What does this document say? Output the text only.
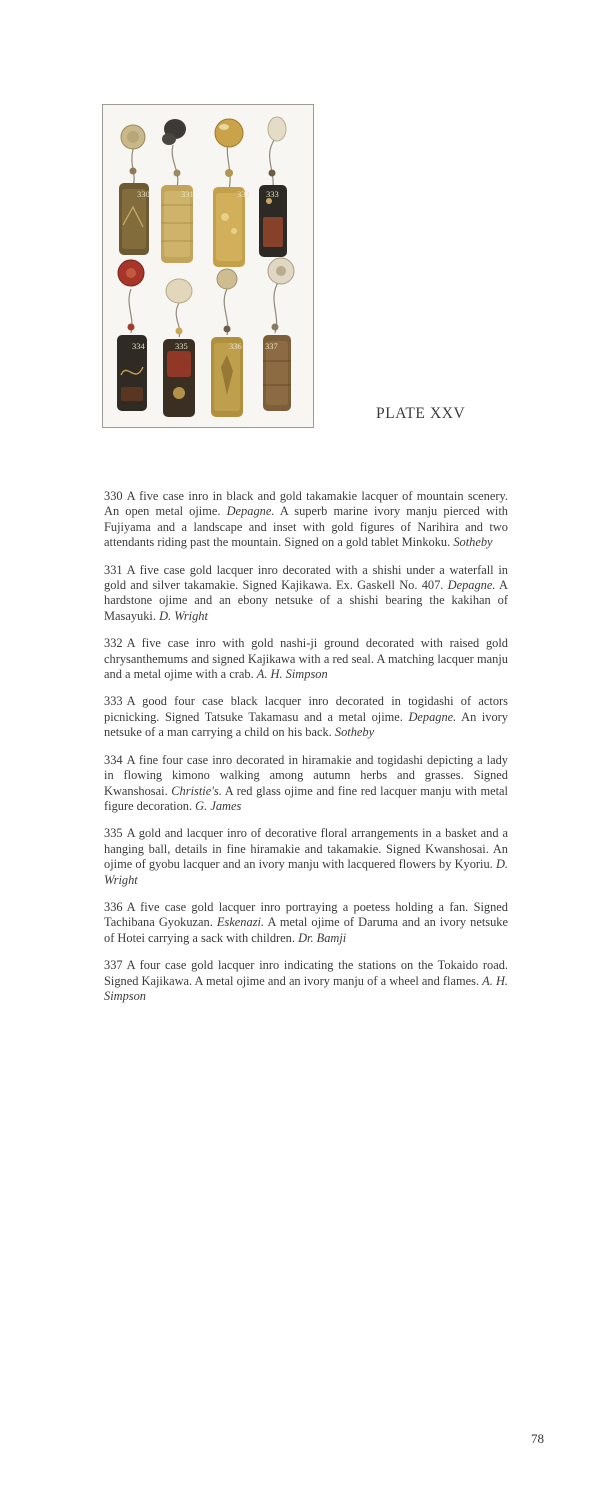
330	331	332 333
334	335	336	337
PLATE XXV

330 A five case inro in black and gold takamakie lacquer of mountain scenery. An open metal ojime. Depagne. A superb marine ivory manju pierced with Fujiyama and a landscape and inset with gold figures of Narihira and two attendants riding past the mountain. Signed on a gold tablet Minkoku. Sotheby

331 A five case gold lacquer inro decorated with a shishi under a waterfall in gold and silver takamakie. Signed Kajikawa. Ex. Gaskell No. 407. Depagne. A hardstone ojime and an ebony netsuke of a shishi bearing the kakihan of Masayuki. D. Wright

332 A five case inro with gold nashi-ji ground decorated with raised gold chrysanthemums and signed Kajikawa with a red seal. A matching lacquer manju and a metal ojime with a crab. A. H. Simpson

333 A good four case black lacquer inro decorated in togidashi of actors picnicking. Signed Tatsuke Takamasu and a metal ojime. Depagne. An ivory netsuke of a man carrying a child on his back. Sotheby

334 A fine four case inro decorated in hiramakie and togidashi depicting a lady in flowing kimono walking among autumn herbs and grasses. Signed Kwanshosai. Christie's. A red glass ojime and fine red lacquer manju with metal figure decoration. G. James

335 A gold and lacquer inro of decorative floral arrangements in a basket and a hanging ball, details in fine hiramakie and takamakie. Signed Kwanshosai. An ojime of gyobu lacquer and an ivory manju with lacquered flowers by Kyoriu. D. Wright

336 A five case gold lacquer inro portraying a poetess holding a fan. Signed Tachibana Gyokuzan. Eskenazi. A metal ojime of Daruma and an ivory netsuke of Hotei carrying a sack with children. Dr. Bamji

337 A four case gold lacquer inro indicating the stations on the Tokaido road. Signed Kajikawa. A metal ojime and an ivory manju of a wheel and flames. A. H. Simpson

78
